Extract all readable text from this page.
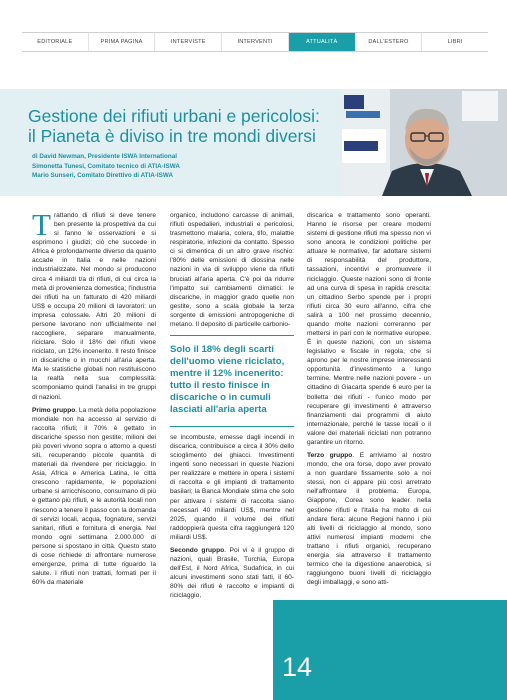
EDITORIALE	PRIMA PAGINA	INTERVISTE	INTERVENTI	ATTUALITÀ	DALL'ESTERO	LIBRI
Gestione dei rifiuti urbani e pericolosi:
il Pianeta è diviso in tre mondi diversi
di David Newman, Presidente ISWA International
Simonetta Tunesi, Comitato tecnico di ATIA-ISWA
Mario Sunseri, Comitato Direttivo di ATIA-ISWA

Trattando di rifiuti si deve tenere ben presente la prospettiva da cui si fanno le osservazioni e si esprimono i giudizi; ciò che succede in Africa è profondamente diverso da quanto accade in Italia e nelle nazioni industrializzate. Nel mondo si producono circa 4 miliardi t/a di rifiuti, di cui circa la metà di provenienza domestica; l'industria dei rifiuti ha un fatturato di 420 miliardi US$ e occupa 20 milioni di lavoratori: un impresa colossale. Altri 20 milioni di persone lavorano non ufficialmente nel raccogliere, separare manualmente, riciclare. Solo il 18% dei rifiuti viene riciclato, un 12% incenerito. Il resto finisce in discariche o in mucchi all'aria aperta. Ma le statistiche globali non restituiscono la realtà nella sua complessità: scomponiamo quindi l'analisi in tre gruppi di nazioni.

Primo gruppo. La metà della popolazione mondiale non ha accesso al servizio di raccolta rifiuti; il 70% è gettato in discariche spesso non gestite; milioni dei più poveri vivono sopra o attorno a questi siti, recuperando piccole quantità di materiali da rivendere per riciclaggio. In Asia, Africa e America Latina, le città crescono rapidamente, le popolazioni urbane si arricchiscono, consumano di più e gettano più rifiuti, e le autorità locali non riescono a tenere il passo con la domanda di servizi locali, acqua, fognature, servizi sanitari, rifiuti e fornitura di energia. Nel mondo ogni settimana 2.000.000 di persone si spostano in città. Questo stato di cose richiede di affrontare numerose emergenze, prima di tutte riguardo la salute. I rifiuti non trattati, formati per il 60% da materiale

organico, includono carcasse di animali, rifiuti ospedalieri, industriali e pericolosi, trasmettono malaria, colera, tifo, malattie respiratorie, infezioni da contatto. Spesso ci si dimentica di un altro grave rischio: l'80% delle emissioni di diossina nelle nazioni in via di sviluppo viene da rifiuti bruciati all'aria aperta. C'è poi da ridurre l'impatto sui cambiamenti climatici: le discariche, in maggior grado quelle non gestite, sono a scala globale la terza sorgente di emissioni antropogeniche di metano. Il deposito di particelle carbonio-

Solo il 18% degli scarti dell'uomo viene riciclato, mentre il 12% incenerito: tutto il resto finisce in discariche o in cumuli lasciati all'aria aperta

se incombuste, emesse dagli incendi in discarica, contribuisce a circa il 30% dello scioglimento dei ghiacci. Investimenti ingenti sono necessari in queste Nazioni per realizzare e mettere in opera i sistemi di raccolta e gli impianti di trattamento basilari; la Banca Mondiale stima che solo per attivare i sistemi di raccolta siano necessari 40 miliardi US$, mentre nel 2025, quando il volume dei rifiuti raddoppierà questa cifra raggiungerà 120 miliardi US$.

Secondo gruppo. Poi vi è il gruppo di nazioni, quali Brasile, Turchia, Europa dell'Est, il Nord Africa, Sudafrica, in cui alcuni investimenti sono stati fatti, il 60-80% dei rifiuti è raccolto e impianti di riciclaggio,

discarica e trattamento sono operanti. Hanno le risorse per creare moderni sistemi di gestione rifiuti ma spesso non vi sono ancora le condizioni politiche per attuare le normative, far adottare sistemi di responsabilità del produttore, tassazioni, incentivi e promuovere il riciclaggio. Queste nazioni sono di fronte ad una curva di spesa in rapida crescita: un cittadino Serbo spende per i propri rifiuti circa 30 euro all'anno, cifra che salirà a 100 nel prossimo decennio, quando molte nazioni correranno per mettersi in pari con le normative europee. È in queste nazioni, con un sistema legislativo e fiscale in regola, che si aprono per le nostre imprese interessanti opportunità d'investimento a lungo termine. Mentre nelle nazioni povere - un cittadino di Giacarta spende 6 euro per la bolletta dei rifiuti - l'unico modo per recuperare gli investimenti è attraverso finanziamenti dai programmi di aiuto internazionale, perché le tasse locali o il valore dei materiali riciclati non potranno garantire un ritorno.

Terzo gruppo. E arriviamo al nostro mondo, che ora forse, dopo aver provato a non guardare fissamente solo a noi stessi, non ci appare più così arretrato nell'affrontare il problema. Europa, Giappone, Corea sono leader nella gestione rifiuti e l'Italia ha molto di cui andare fiera: alcune Regioni hanno i più alti livelli di riciclaggio al mondo, sono attivi numerosi impianti moderni che trattano i rifiuti organici, recuperano energia sia attraverso il trattamento termico che la digestione anaerobica, si raggiungono buoni livelli di riciclaggio degli imballaggi, e sono atti-

14
